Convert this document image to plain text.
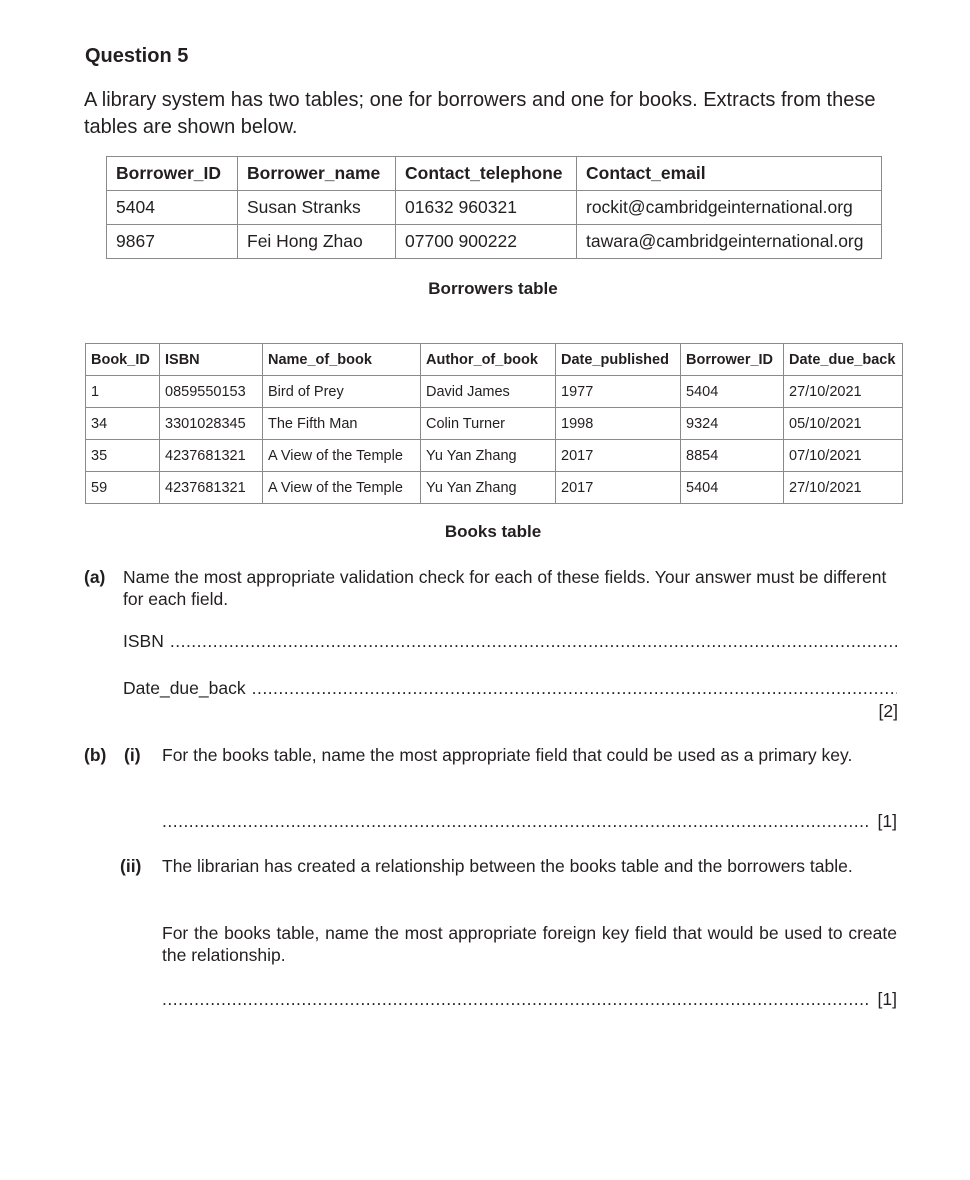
Question 5
A library system has two tables; one for borrowers and one for books. Extracts from these tables are shown below.
Borrower_ID	Borrower_name	Contact_telephone	Contact_email
5404	Susan Stranks	01632 960321	rockit@cambridgeinternational.org
9867	Fei Hong Zhao	07700 900222	tawara@cambridgeinternational.org
Borrowers table
Book_ID	ISBN	Name_of_book	Author_of_book	Date_published	Borrower_ID	Date_due_back
1	0859550153	Bird of Prey	David James	1977	5404	27/10/2021
34	3301028345	The Fifth Man	Colin Turner	1998	9324	05/10/2021
35	4237681321	A View of the Temple	Yu Yan Zhang	2017	8854	07/10/2021
59	4237681321	A View of the Temple	Yu Yan Zhang	2017	5404	27/10/2021
Books table
(a) Name the most appropriate validation check for each of these fields. Your answer must be different for each field.
ISBN
.....
Date_due_back
.....
[2]
(b) (i) For the books table, name the most appropriate field that could be used as a primary key.
.....
[1]
(ii) The librarian has created a relationship between the books table and the borrowers table.
For the books table, name the most appropriate foreign key field that would be used to create the relationship.
.....
[1]
